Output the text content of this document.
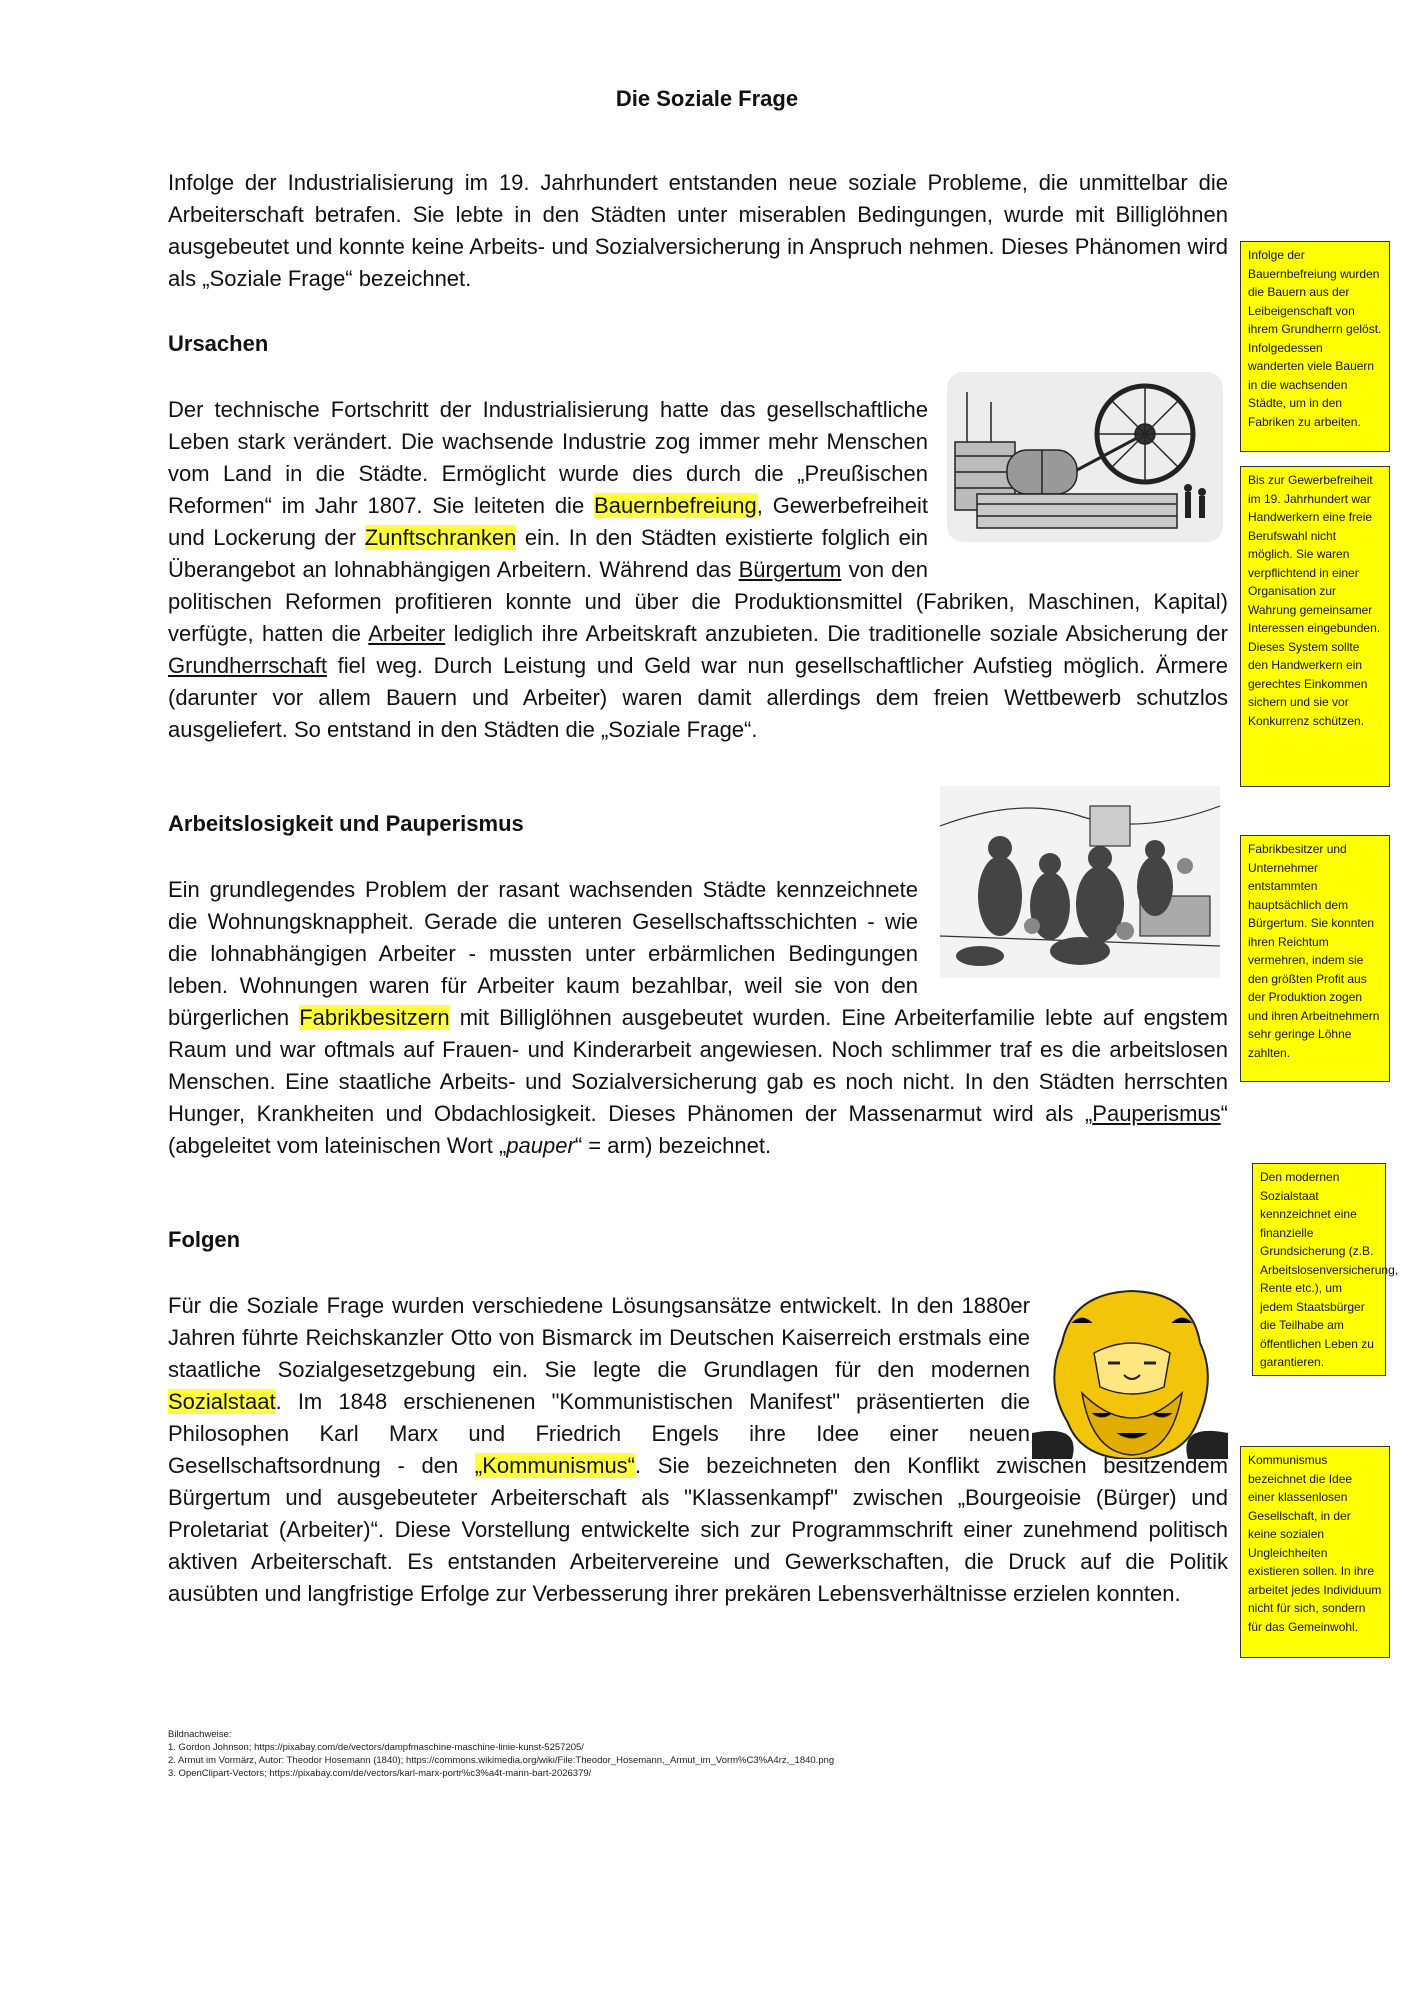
Die Soziale Frage

Infolge der Industrialisierung im 19. Jahrhundert entstanden neue soziale Probleme, die unmittelbar die Arbeiterschaft betrafen. Sie lebte in den Städten unter miserablen Bedingungen, wurde mit Billiglöhnen ausgebeutet und konnte keine Arbeits- und Sozialversicherung in Anspruch nehmen. Dieses Phänomen wird als „Soziale Frage“ bezeichnet.

Ursachen

Der technische Fortschritt der Industrialisierung hatte das gesellschaftliche Leben stark verändert. Die wachsende Industrie zog immer mehr Menschen vom Land in die Städte. Ermöglicht wurde dies durch die „Preußischen Reformen“ im Jahr 1807. Sie leiteten die Bauernbefreiung, Gewerbefreiheit und Lockerung der Zunftschranken ein. In den Städten existierte folglich ein Überangebot an lohnabhängigen Arbeitern. Während das Bürgertum von den politischen Reformen profitieren konnte und über die Produktionsmittel (Fabriken, Maschinen, Kapital) verfügte, hatten die Arbeiter lediglich ihre Arbeitskraft anzubieten. Die traditionelle soziale Absicherung der Grundherrschaft fiel weg. Durch Leistung und Geld war nun gesellschaftlicher Aufstieg möglich. Ärmere (darunter vor allem Bauern und Arbeiter) waren damit allerdings dem freien Wettbewerb schutzlos ausgeliefert. So entstand in den Städten die „Soziale Frage“.

Arbeitslosigkeit und Pauperismus

Ein grundlegendes Problem der rasant wachsenden Städte kennzeichnete die Wohnungsknappheit. Gerade die unteren Gesellschaftsschichten - wie die lohnabhängigen Arbeiter - mussten unter erbärmlichen Bedingungen leben. Wohnungen waren für Arbeiter kaum bezahlbar, weil sie von den bürgerlichen Fabrikbesitzern mit Billiglöhnen ausgebeutet wurden. Eine Arbeiterfamilie lebte auf engstem Raum und war oftmals auf Frauen- und Kinderarbeit angewiesen. Noch schlimmer traf es die arbeitslosen Menschen. Eine staatliche Arbeits- und Sozialversicherung gab es noch nicht. In den Städten herrschten Hunger, Krankheiten und Obdachlosigkeit. Dieses Phänomen der Massenarmut wird als „Pauperismus“ (abgeleitet vom lateinischen Wort „pauper“ = arm) bezeichnet.

Folgen

Für die Soziale Frage wurden verschiedene Lösungsansätze entwickelt. In den 1880er Jahren führte Reichskanzler Otto von Bismarck im Deutschen Kaiserreich erstmals eine staatliche Sozialgesetzgebung ein. Sie legte die Grundlagen für den modernen Sozialstaat. Im 1848 erschienenen "Kommunistischen Manifest" präsentierten die Philosophen Karl Marx und Friedrich Engels ihre Idee einer neuen Gesellschaftsordnung - den „Kommunismus“. Sie bezeichneten den Konflikt zwischen besitzendem Bürgertum und ausgebeuteter Arbeiterschaft als "Klassenkampf" zwischen „Bourgeoisie (Bürger) und Proletariat (Arbeiter)“. Diese Vorstellung entwickelte sich zur Programmschrift einer zunehmend politisch aktiven Arbeiterschaft. Es entstanden Arbeitervereine und Gewerkschaften, die Druck auf die Politik ausübten und langfristige Erfolge zur Verbesserung ihrer prekären Lebensverhältnisse erzielen konnten.

Infolge der Bauernbefreiung wurden die Bauern aus der Leibeigenschaft von ihrem Grundherrn gelöst. Infolgedessen wanderten viele Bauern in die wachsenden Städte, um in den Fabriken zu arbeiten.
Bis zur Gewerbefreiheit im 19. Jahrhundert war Handwerkern eine freie Berufswahl nicht möglich. Sie waren verpflichtend in einer Organisation zur Wahrung gemeinsamer Interessen eingebunden. Dieses System sollte den Handwerkern ein gerechtes Einkommen sichern und sie vor Konkurrenz schützen.
Fabrikbesitzer und Unternehmer entstammten hauptsächlich dem Bürgertum. Sie konnten ihren Reichtum vermehren, indem sie den größten Profit aus der Produktion zogen und ihren Arbeitnehmern sehr geringe Löhne zahlten.
Den modernen Sozialstaat kennzeichnet eine finanzielle Grundsicherung (z.B. Arbeitslosenversicherung, Rente etc.), um jedem Staatsbürger die Teilhabe am öffentlichen Leben zu garantieren.
Kommunismus bezeichnet die Idee einer klassenlosen Gesellschaft, in der keine sozialen Ungleichheiten existieren sollen. In ihre arbeitet jedes Individuum nicht für sich, sondern für das Gemeinwohl.
Bildnachweise:
1. Gordon Johnson; https://pixabay.com/de/vectors/dampfmaschine-maschine-linie-kunst-5257205/
2. Armut im Vormärz, Autor: Theodor Hosemann (1840); https://commons.wikimedia.org/wiki/File:Theodor_Hosemann,_Armut_im_Vorm%C3%A4rz,_1840.png
3. OpenClipart-Vectors; https://pixabay.com/de/vectors/karl-marx-portr%c3%a4t-mann-bart-2026379/
